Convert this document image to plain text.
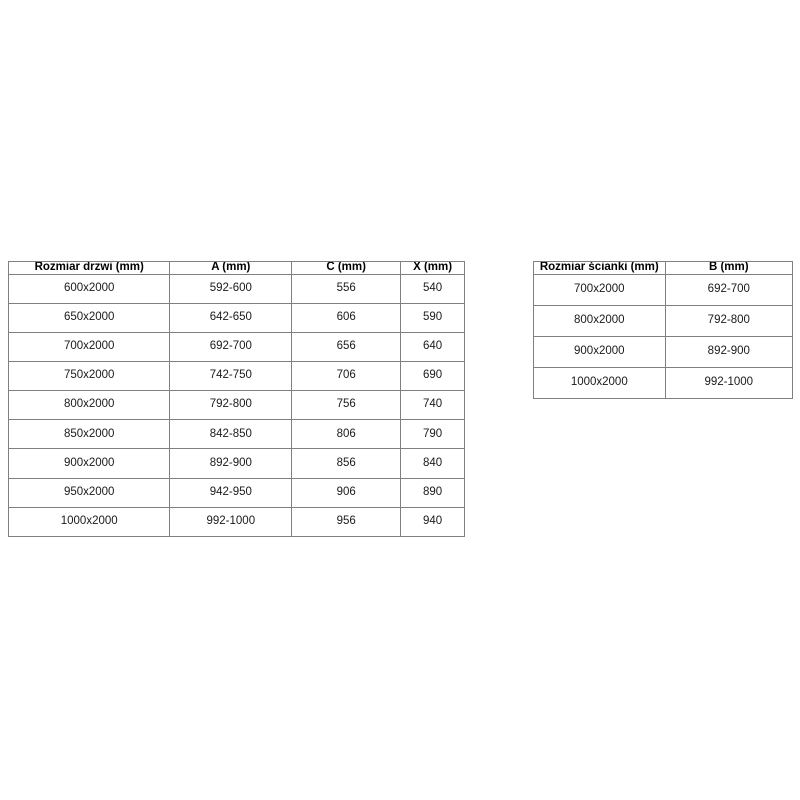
Rozmiar drzwi (mm)	A (mm)	C (mm)	X (mm)
600x2000	592-600	556	540
650x2000	642-650	606	590
700x2000	692-700	656	640
750x2000	742-750	706	690
800x2000	792-800	756	740
850x2000	842-850	806	790
900x2000	892-900	856	840
950x2000	942-950	906	890
1000x2000	992-1000	956	940
Rozmiar ścianki (mm)	B (mm)
700x2000	692-700
800x2000	792-800
900x2000	892-900
1000x2000	992-1000
